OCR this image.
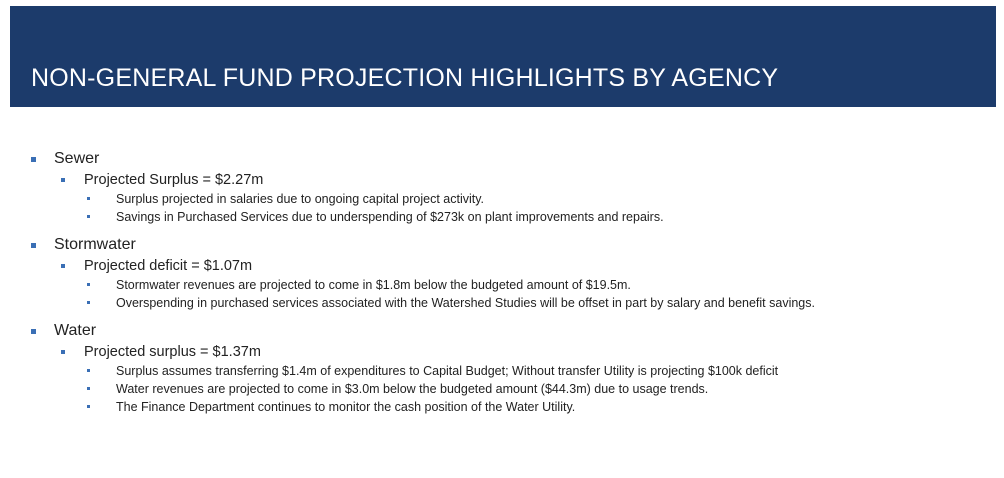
NON-GENERAL FUND PROJECTION HIGHLIGHTS BY AGENCY
Sewer
Projected Surplus = $2.27m
Surplus projected in salaries due to ongoing capital project activity.
Savings in Purchased Services due to underspending of $273k on plant improvements and repairs.
Stormwater
Projected deficit = $1.07m
Stormwater revenues are projected to come in $1.8m below the budgeted amount of $19.5m.
Overspending in purchased services associated with the Watershed Studies will be offset in part by salary and benefit savings.
Water
Projected surplus = $1.37m
Surplus assumes transferring $1.4m of expenditures to Capital Budget; Without transfer Utility is projecting $100k deficit
Water revenues are projected to come in $3.0m below the budgeted amount ($44.3m) due to usage trends.
The Finance Department continues to monitor the cash position of the Water Utility.
